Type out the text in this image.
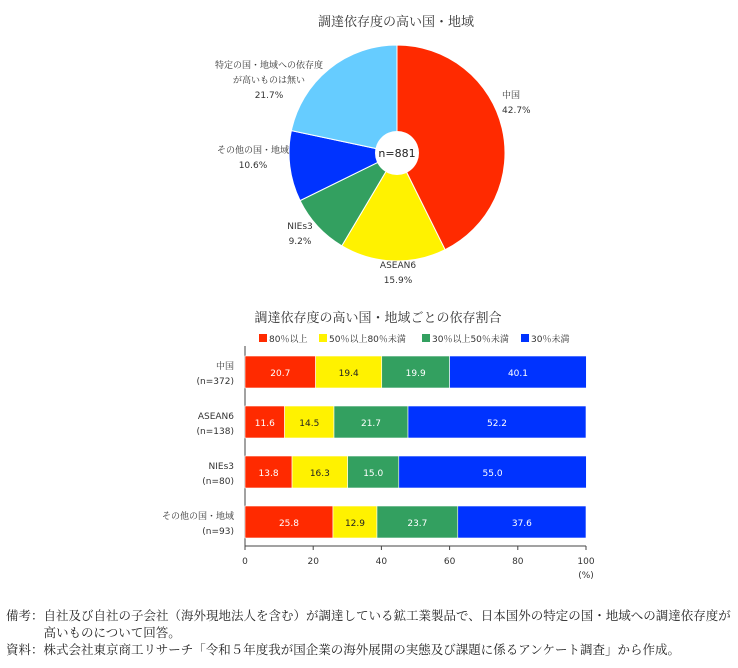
調達依存度の高い国・地域
中国
42.7%
ASEAN6
15.9%
NIEs3
9.2%
その他の国・地域
10.6%
特定の国・地域への依存度
が高いものは無い
21.7%
n=881
調達依存度の高い国・地域ごとの依存割合
80％以上 50％以上80％未満	30％以上50％未満 30％未満
20.7	19.4	19.9	40.1
中国
(n=372)
11.6	14.5	21.7	52.2
ASEAN6
(n=138)
13.8	16.3	15.0	55.0
NIEs3
(n=80)
25.8	12.9	23.7	37.6
その他の国・地域
(n=93)
0	20	40	60	80	100
(%)
備考： 自社及び自社の子会社（海外現地法人を含む）が調達している鉱工業製品で、日本国外の特定の国・地域への調達依存度が高いものについて回答。
資料： 株式会社東京商工リサーチ「令和５年度我が国企業の海外展開の実態及び課題に係るアンケート調査」から作成。
